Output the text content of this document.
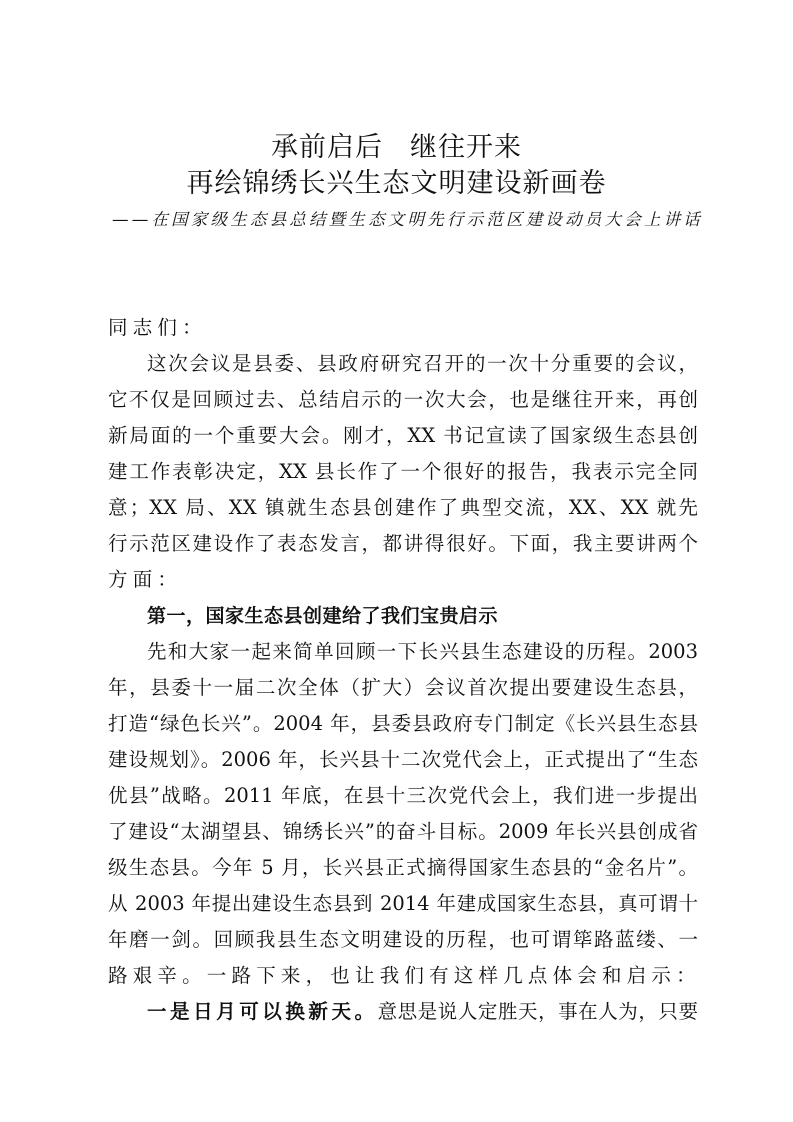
承前启后 继往开来
再绘锦绣长兴生态文明建设新画卷
——在国家级生态县总结暨生态文明先行示范区建设动员大会上讲话
同志们：
这次会议是县委、县政府研究召开的一次十分重要的会议，
它不仅是回顾过去、总结启示的一次大会，也是继往开来，再创
新局面的一个重要大会。刚才，XX 书记宣读了国家级生态县创
建工作表彰决定，XX 县长作了一个很好的报告，我表示完全同
意；XX 局、XX 镇就生态县创建作了典型交流，XX、XX 就先
行示范区建设作了表态发言，都讲得很好。下面，我主要讲两个
方面：
第一，国家生态县创建给了我们宝贵启示
先和大家一起来简单回顾一下长兴县生态建设的历程。2003
年，县委十一届二次全体（扩大）会议首次提出要建设生态县，
打造“绿色长兴”。2004 年，县委县政府专门制定《长兴县生态县
建设规划》。2006 年，长兴县十二次党代会上，正式提出了“生态
优县”战略。2011 年底，在县十三次党代会上，我们进一步提出
了建设“太湖望县、锦绣长兴”的奋斗目标。2009 年长兴县创成省
级生态县。今年 5 月，长兴县正式摘得国家生态县的“金名片”。
从 2003 年提出建设生态县到 2014 年建成国家生态县，真可谓十
年磨一剑。回顾我县生态文明建设的历程，也可谓筚路蓝缕、一
路艰辛。一路下来，也让我们有这样几点体会和启示：
一是日月可以换新天。意思是说人定胜天，事在人为，只要
